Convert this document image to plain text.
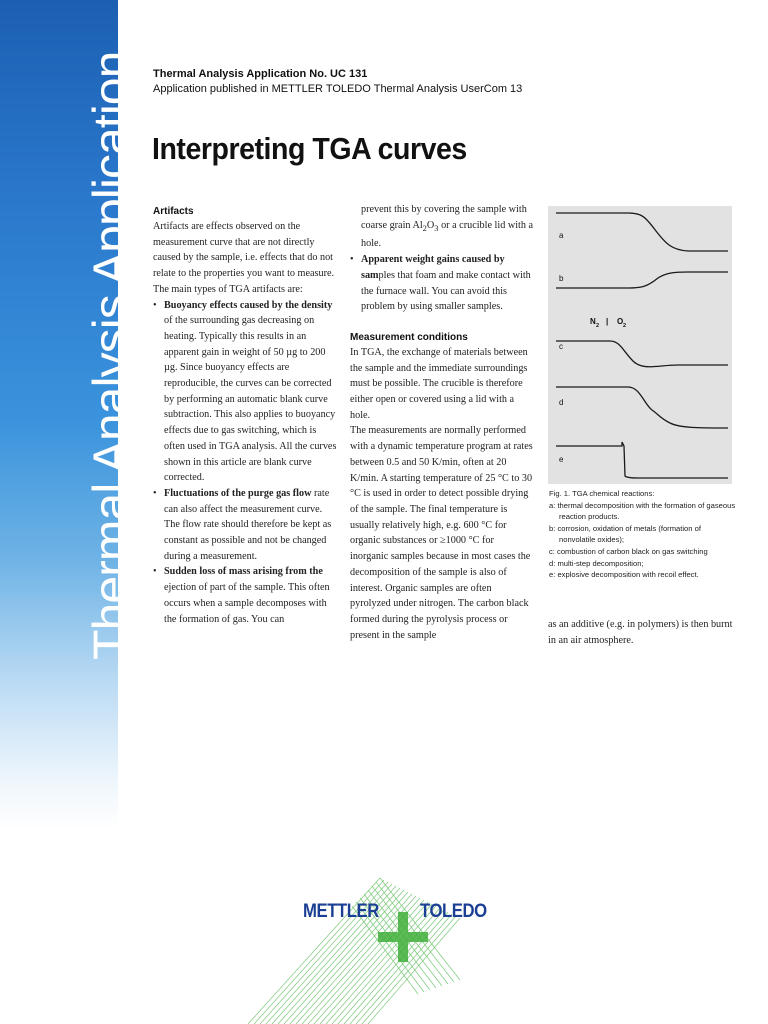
Thermal Analysis Application Thermal Analysis Application No. UC 131

Application published in METTLER TOLEDO Thermal Analysis UserCom 13

Interpreting TGA curves
Artifacts

Artifacts are effects observed on the measurement curve that are not directly caused by the sample, i.e. effects that do not relate to the properties you want to measure.

The main types of TGA artifacts are:

• Buoyancy effects caused by the density of the surrounding gas decreasing on heating. Typically this results in an apparent gain in weight of 50 µg to 200 µg. Since buoyancy effects are reproducible, the curves can be corrected by performing an automatic blank curve subtraction. This also applies to buoyancy effects due to gas switching, which is often used in TGA analysis. All the curves shown in this article are blank curve corrected.
• Fluctuations of the purge gas flow rate can also affect the measurement curve. The flow rate should therefore be kept as constant as possible and not be changed during a measurement.
• Sudden loss of mass arising from the ejection of part of the sample. This often occurs when a sample decomposes with the formation of gas. You can

prevent this by covering the sample with coarse grain $Al_2O_3$ or a crucible lid with a hole.

• Apparent weight gains caused by samples that foam and make contact with the furnace wall. You can avoid this problem by using smaller samples.
Measurement conditions

In TGA, the exchange of materials between the sample and the immediate surroundings must be possible. The crucible is therefore either open or covered using a lid with a hole.

The measurements are normally performed with a dynamic temperature program at rates between 0.5 and 50 K/min, often at 20 K/min. A starting temperature of 25 °C to 30 °C is used in order to detect possible drying of the sample. The final temperature is usually relatively high, e.g. 600 °C for organic substances or ≥1000 °C for inorganic samples because in most cases the decomposition of the sample is also of interest. Organic samples are often pyrolyzed under nitrogen. The carbon black formed during the pyrolysis process or present in the sample

a
b
c
d
e
N 2 | O 2
Fig. 1. TGA chemical reactions:
a: thermal decomposition with the formation of gaseous reaction products.
b: corrosion, oxidation of metals (formation of nonvolatile oxides);
c: combustion of carbon black on gas switching
d: multi-step decomposition;
e: explosive decomposition with recoil effect.
as an additive (e.g. in polymers) is then burnt in an air atmosphere.
METTLER TOLEDO
